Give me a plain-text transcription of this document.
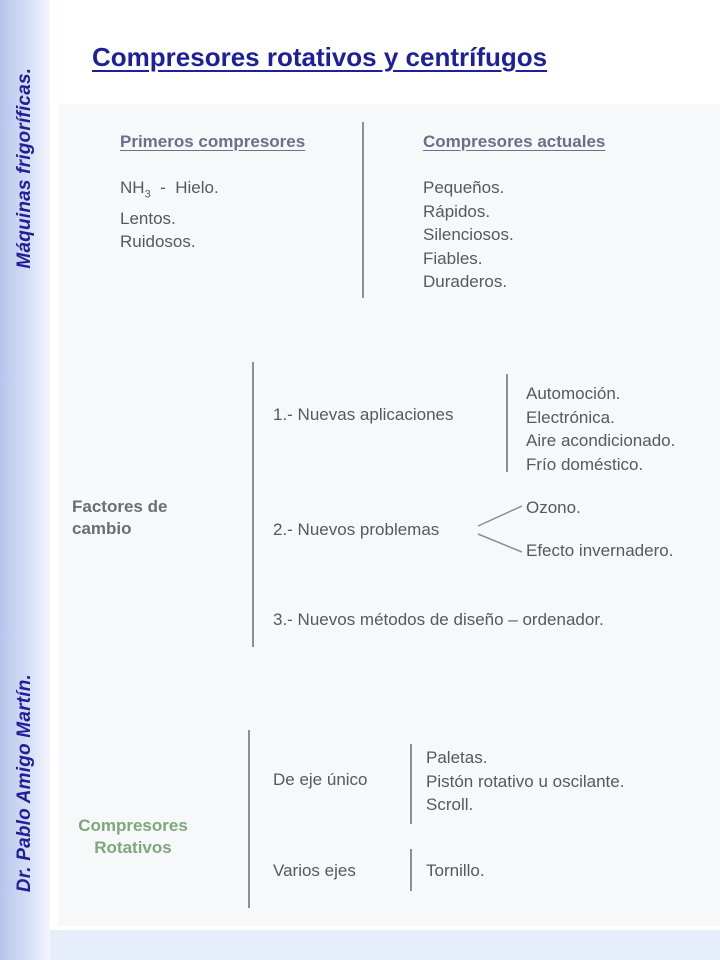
Dr. Pablo Amigo Martín.                                                                          Máquinas frigoríficas.
Compresores rotativos y centrífugos
Primeros compresores
$NH_3$  -  Hielo.
Lentos.
Ruidosos.
Compresores actuales
Pequeños.
Rápidos.
Silenciosos.
Fiables.
Duraderos.
Factores de cambio
1.- Nuevas aplicaciones
Automoción.
Electrónica.
Aire acondicionado.
Frío doméstico.
2.- Nuevos problemas
Ozono.
Efecto invernadero.
3.- Nuevos métodos de diseño – ordenador.
Compresores Rotativos
De eje único
Paletas.
Pistón rotativo u oscilante.
Scroll.
Varios ejes	Tornillo.
